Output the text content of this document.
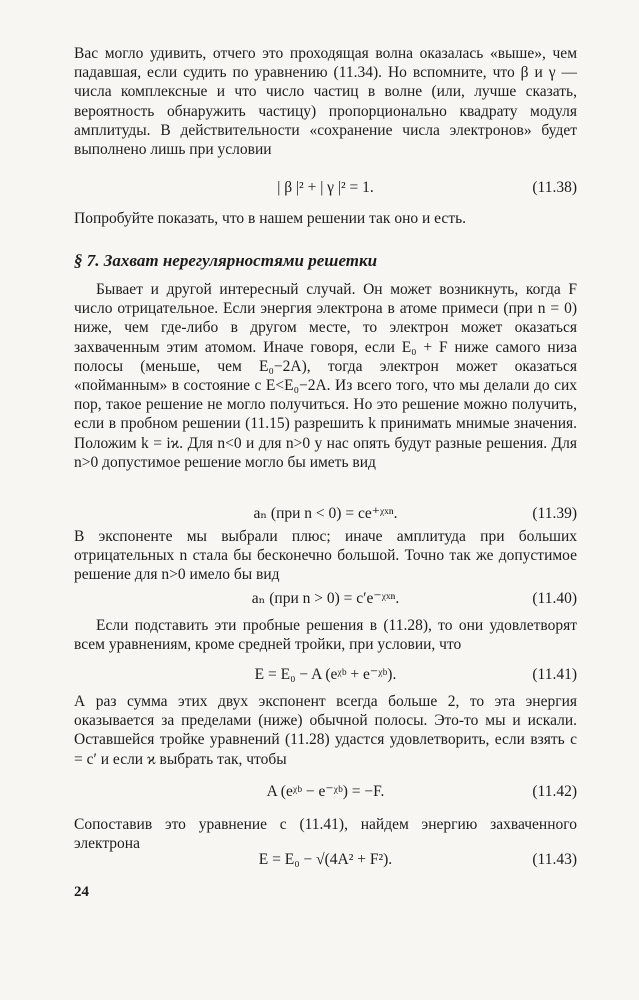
Вас могло удивить, отчего это проходящая волна оказалась «выше», чем падавшая, если судить по уравнению (11.34). Но вспомните, что β и γ — числа комплексные и что число частиц в волне (или, лучше сказать, вероятность обнаружить частицу) пропорционально квадрату модуля амплитуды. В действительности «сохранение числа электронов» будет выполнено лишь при условии

| β |² + | γ |² = 1.	(11.38)

Попробуйте показать, что в нашем решении так оно и есть.

§ 7. Захват нерегулярностями решетки

Бывает и другой интересный случай. Он может возникнуть, когда F число отрицательное. Если энергия электрона в атоме примеси (при n = 0) ниже, чем где-либо в другом месте, то электрон может оказаться захваченным этим атомом. Иначе говоря, если E₀ + F ниже самого низа полосы (меньше, чем E₀−2A), тогда электрон может оказаться «пойманным» в состояние с E<E₀−2A. Из всего того, что мы делали до сих пор, такое решение не могло получиться. Но это решение можно получить, если в пробном решении (11.15) разрешить k принимать мнимые значения. Положим k = iϰ. Для n<0 и для n>0 у нас опять будут разные решения. Для n>0 допустимое решение могло бы иметь вид

aₙ (при n < 0) = ce⁺ᵡˣⁿ.	(11.39)

В экспоненте мы выбрали плюс; иначе амплитуда при больших отрицательных n стала бы бесконечно большой. Точно так же допустимое решение для n>0 имело бы вид

aₙ (при n > 0) = c′e⁻ᵡˣⁿ.	(11.40)

Если подставить эти пробные решения в (11.28), то они удовлетворят всем уравнениям, кроме средней тройки, при условии, что

E = E₀ − A (eᵡᵇ + e⁻ᵡᵇ).	(11.41)

А раз сумма этих двух экспонент всегда больше 2, то эта энергия оказывается за пределами (ниже) обычной полосы. Это-то мы и искали. Оставшейся тройке уравнений (11.28) удастся удовлетворить, если взять c = c′ и если ϰ выбрать так, чтобы

A (eᵡᵇ − e⁻ᵡᵇ) = −F.	(11.42)

Сопоставив это уравнение с (11.41), найдем энергию захваченного электрона

E = E₀ − √(4A² + F²).	(11.43)
24
